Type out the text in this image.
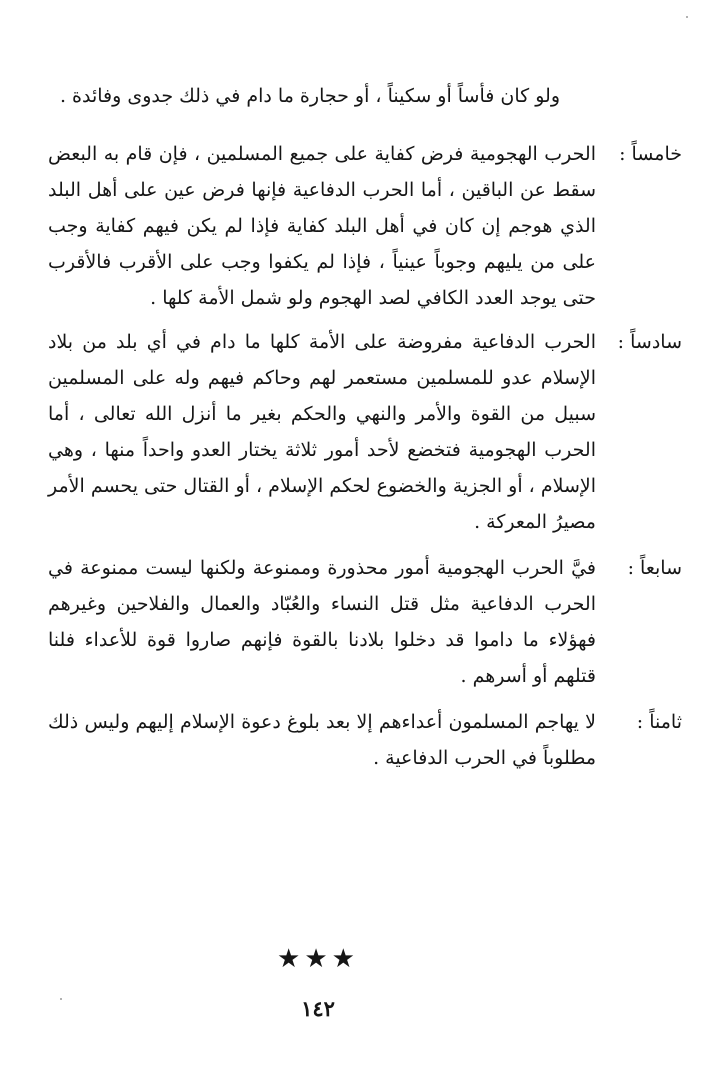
ولو كان فأساً أو سكيناً ، أو حجارة ما دام في ذلك جدوى وفائدة .

خامساً :
الحرب الهجومية فرض كفاية على جميع المسلمين ، فإن قام به البعض سقط عن الباقين ، أما الحرب الدفاعية فإنها فرض عين على أهل البلد الذي هوجم إن كان في أهل البلد كفاية فإذا لم يكن فيهم كفاية وجب على من يليهم وجوباً عينياً ، فإذا لم يكفوا وجب على الأقرب فالأقرب حتى يوجد العدد الكافي لصد الهجوم ولو شمل الأمة كلها .

سادساً :
الحرب الدفاعية مفروضة على الأمة كلها ما دام في أي بلد من بلاد الإسلام عدو للمسلمين مستعمر لهم وحاكم فيهم وله على المسلمين سبيل من القوة والأمر والنهي والحكم بغير ما أنزل الله تعالى ، أما الحرب الهجومية فتخضع لأحد أمور ثلاثة يختار العدو واحداً منها ، وهي الإسلام ، أو الجزية والخضوع لحكم الإسلام ، أو القتال حتى يحسم الأمر مصيرُ المعركة .

سابعاً :
فيَّ الحرب الهجومية أمور محذورة وممنوعة ولكنها ليست ممنوعة في الحرب الدفاعية مثل قتل النساء والعُبّاد والعمال والفلاحين وغيرهم فهؤلاء ما داموا قد دخلوا بلادنا بالقوة فإنهم صاروا قوة للأعداء فلنا قتلهم أو أسرهم .

ثامناً :
لا يهاجم المسلمون أعداءهم إلا بعد بلوغ دعوة الإسلام إليهم وليس ذلك مطلوباً في الحرب الدفاعية .

★★★
١٤٢
